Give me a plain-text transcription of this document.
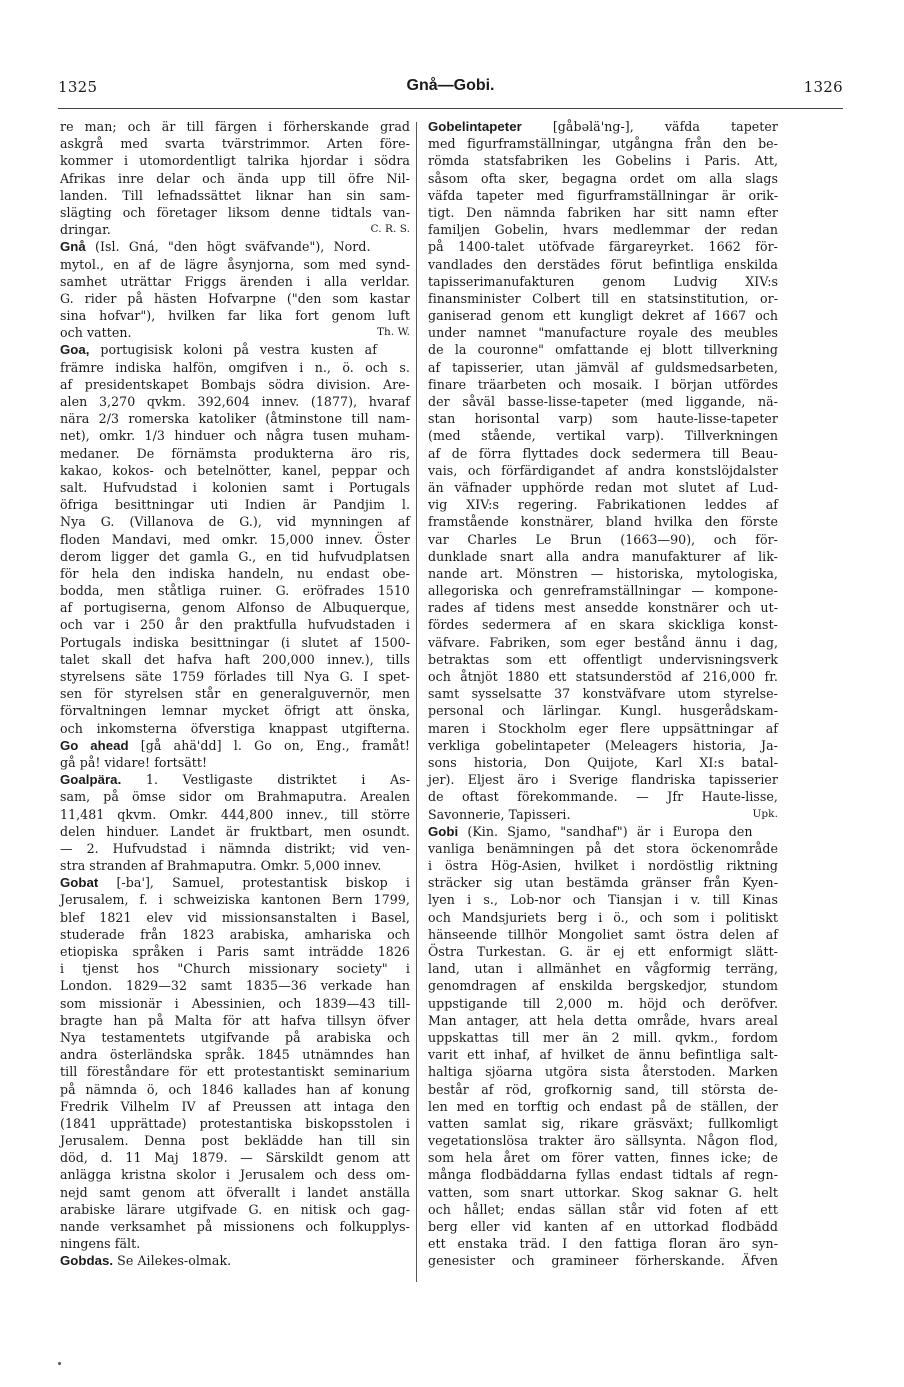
1325	Gnå—Gobi.	1326
re man; och är till färgen i förherskande grad
askgrå med svarta tvärstrimmor. Arten före-
kommer i utomordentligt talrika hjordar i södra
Afrikas inre delar och ända upp till öfre Nil-
landen. Till lefnadssättet liknar han sin sam-
slägting och företager liksom denne tidtals van-
C. R. S.
dringar.
Gnå (Isl. Gná, "den högt sväfvande"), Nord.
mytol., en af de lägre åsynjorna, som med synd-
samhet uträttar Friggs ärenden i alla verldar.
G. rider på hästen Hofvarpne ("den som kastar
sina hofvar"), hvilken far lika fort genom luft
Th. W.
och vatten.
Goa, portugisisk koloni på vestra kusten af
främre indiska halfön, omgifven i n., ö. och s.
af presidentskapet Bombajs södra division. Are-
alen 3,270 qvkm. 392,604 innev. (1877), hvaraf
nära 2/3 romerska katoliker (åtminstone till nam-
net), omkr. 1/3 hinduer och några tusen muham-
medaner. De förnämsta produkterna äro ris,
kakao, kokos- och betelnötter, kanel, peppar och
salt. Hufvudstad i kolonien samt i Portugals
öfriga besittningar uti Indien är Pandjim l.
Nya G. (Villanova de G.), vid mynningen af
floden Mandavi, med omkr. 15,000 innev. Öster
derom ligger det gamla G., en tid hufvudplatsen
för hela den indiska handeln, nu endast obe-
bodda, men ståtliga ruiner. G. eröfrades 1510
af portugiserna, genom Alfonso de Albuquerque,
och var i 250 år den praktfulla hufvudstaden i
Portugals indiska besittningar (i slutet af 1500-
talet skall det hafva haft 200,000 innev.), tills
styrelsens säte 1759 förlades till Nya G. I spet-
sen för styrelsen står en generalguvernör, men
förvaltningen lemnar mycket öfrigt att önska,
och inkomsterna öfverstiga knappast utgifterna.
Go ahead [gå ahä'dd] l. Go on, Eng., framåt!
gå på! vidare! fortsätt!
Goalpära. 1. Vestligaste distriktet i As-
sam, på ömse sidor om Brahmaputra. Arealen
11,481 qkvm. Omkr. 444,800 innev., till större
delen hinduer. Landet är fruktbart, men osundt.
— 2. Hufvudstad i nämnda distrikt; vid ven-
stra stranden af Brahmaputra. Omkr. 5,000 innev.
Gobat [-ba'], Samuel, protestantisk biskop i
Jerusalem, f. i schweiziska kantonen Bern 1799,
blef 1821 elev vid missionsanstalten i Basel,
studerade från 1823 arabiska, amhariska och
etiopiska språken i Paris samt inträdde 1826
i tjenst hos "Church missionary society" i
London. 1829—32 samt 1835—36 verkade han
som missionär i Abessinien, och 1839—43 till-
bragte han på Malta för att hafva tillsyn öfver
Nya testamentets utgifvande på arabiska och
andra österländska språk. 1845 utnämndes han
till föreståndare för ett protestantiskt seminarium
på nämnda ö, och 1846 kallades han af konung
Fredrik Vilhelm IV af Preussen att intaga den
(1841 upprättade) protestantiska biskopsstolen i
Jerusalem. Denna post beklädde han till sin
död, d. 11 Maj 1879. — Särskildt genom att
anlägga kristna skolor i Jerusalem och dess om-
nejd samt genom att öfverallt i landet anställa
arabiske lärare utgifvade G. en nitisk och gag-
nande verksamhet på missionens och folkupplys-
ningens fält.
Gobdas. Se Ailekes-olmak.
Gobelintapeter [gåbəlä'ng-], väfda tapeter
med figurframställningar, utgångna från den be-
römda statsfabriken les Gobelins i Paris. Att,
såsom ofta sker, begagna ordet om alla slags
väfda tapeter med figurframställningar är orik-
tigt. Den nämnda fabriken har sitt namn efter
familjen Gobelin, hvars medlemmar der redan
på 1400-talet utöfvade färgareyrket. 1662 för-
vandlades den derstädes förut befintliga enskilda
tapisserimanufakturen genom Ludvig XIV:s
finansminister Colbert till en statsinstitution, or-
ganiserad genom ett kungligt dekret af 1667 och
under namnet "manufacture royale des meubles
de la couronne" omfattande ej blott tillverkning
af tapisserier, utan jämväl af guldsmedsarbeten,
finare träarbeten och mosaik. I början utfördes
der såväl basse-lisse-tapeter (med liggande, nä-
stan horisontal varp) som haute-lisse-tapeter
(med stående, vertikal varp). Tillverkningen
af de förra flyttades dock sedermera till Beau-
vais, och förfärdigandet af andra konstslöjdalster
än väfnader upphörde redan mot slutet af Lud-
vig XIV:s regering. Fabrikationen leddes af
framstående konstnärer, bland hvilka den förste
var Charles Le Brun (1663—90), och för-
dunklade snart alla andra manufakturer af lik-
nande art. Mönstren — historiska, mytologiska,
allegoriska och genreframställningar — kompone-
rades af tidens mest ansedde konstnärer och ut-
fördes sedermera af en skara skickliga konst-
väfvare. Fabriken, som eger bestånd ännu i dag,
betraktas som ett offentligt undervisningsverk
och åtnjöt 1880 ett statsunderstöd af 216,000 fr.
samt sysselsatte 37 konstväfvare utom styrelse-
personal och lärlingar. Kungl. husgerådskam-
maren i Stockholm eger flere uppsättningar af
verkliga gobelintapeter (Meleagers historia, Ja-
sons historia, Don Quijote, Karl XI:s batal-
jer). Eljest äro i Sverige flandriska tapisserier
de oftast förekommande. — Jfr Haute-lisse,
Upk.
Savonnerie, Tapisseri.
Gobi (Kin. Sjamo, "sandhaf") är i Europa den
vanliga benämningen på det stora öckenområde
i östra Hög-Asien, hvilket i nordöstlig riktning
sträcker sig utan bestämda gränser från Kyen-
lyen i s., Lob-nor och Tiansjan i v. till Kinas
och Mandsjuriets berg i ö., och som i politiskt
hänseende tillhör Mongoliet samt östra delen af
Östra Turkestan. G. är ej ett enformigt slätt-
land, utan i allmänhet en vågformig terräng,
genomdragen af enskilda bergskedjor, stundom
uppstigande till 2,000 m. höjd och deröfver.
Man antager, att hela detta område, hvars areal
uppskattas till mer än 2 mill. qvkm., fordom
varit ett inhaf, af hvilket de ännu befintliga salt-
haltiga sjöarna utgöra sista återstoden. Marken
består af röd, grofkornig sand, till största de-
len med en torftig och endast på de ställen, der
vatten samlat sig, rikare gräsväxt; fullkomligt
vegetationslösa trakter äro sällsynta. Någon flod,
som hela året om förer vatten, finnes icke; de
många flodbäddarna fyllas endast tidtals af regn-
vatten, som snart uttorkar. Skog saknar G. helt
och hållet; endas sällan står vid foten af ett
berg eller vid kanten af en uttorkad flodbädd
ett enstaka träd. I den fattiga floran äro syn-
genesister och gramineer förherskande. Äfven
